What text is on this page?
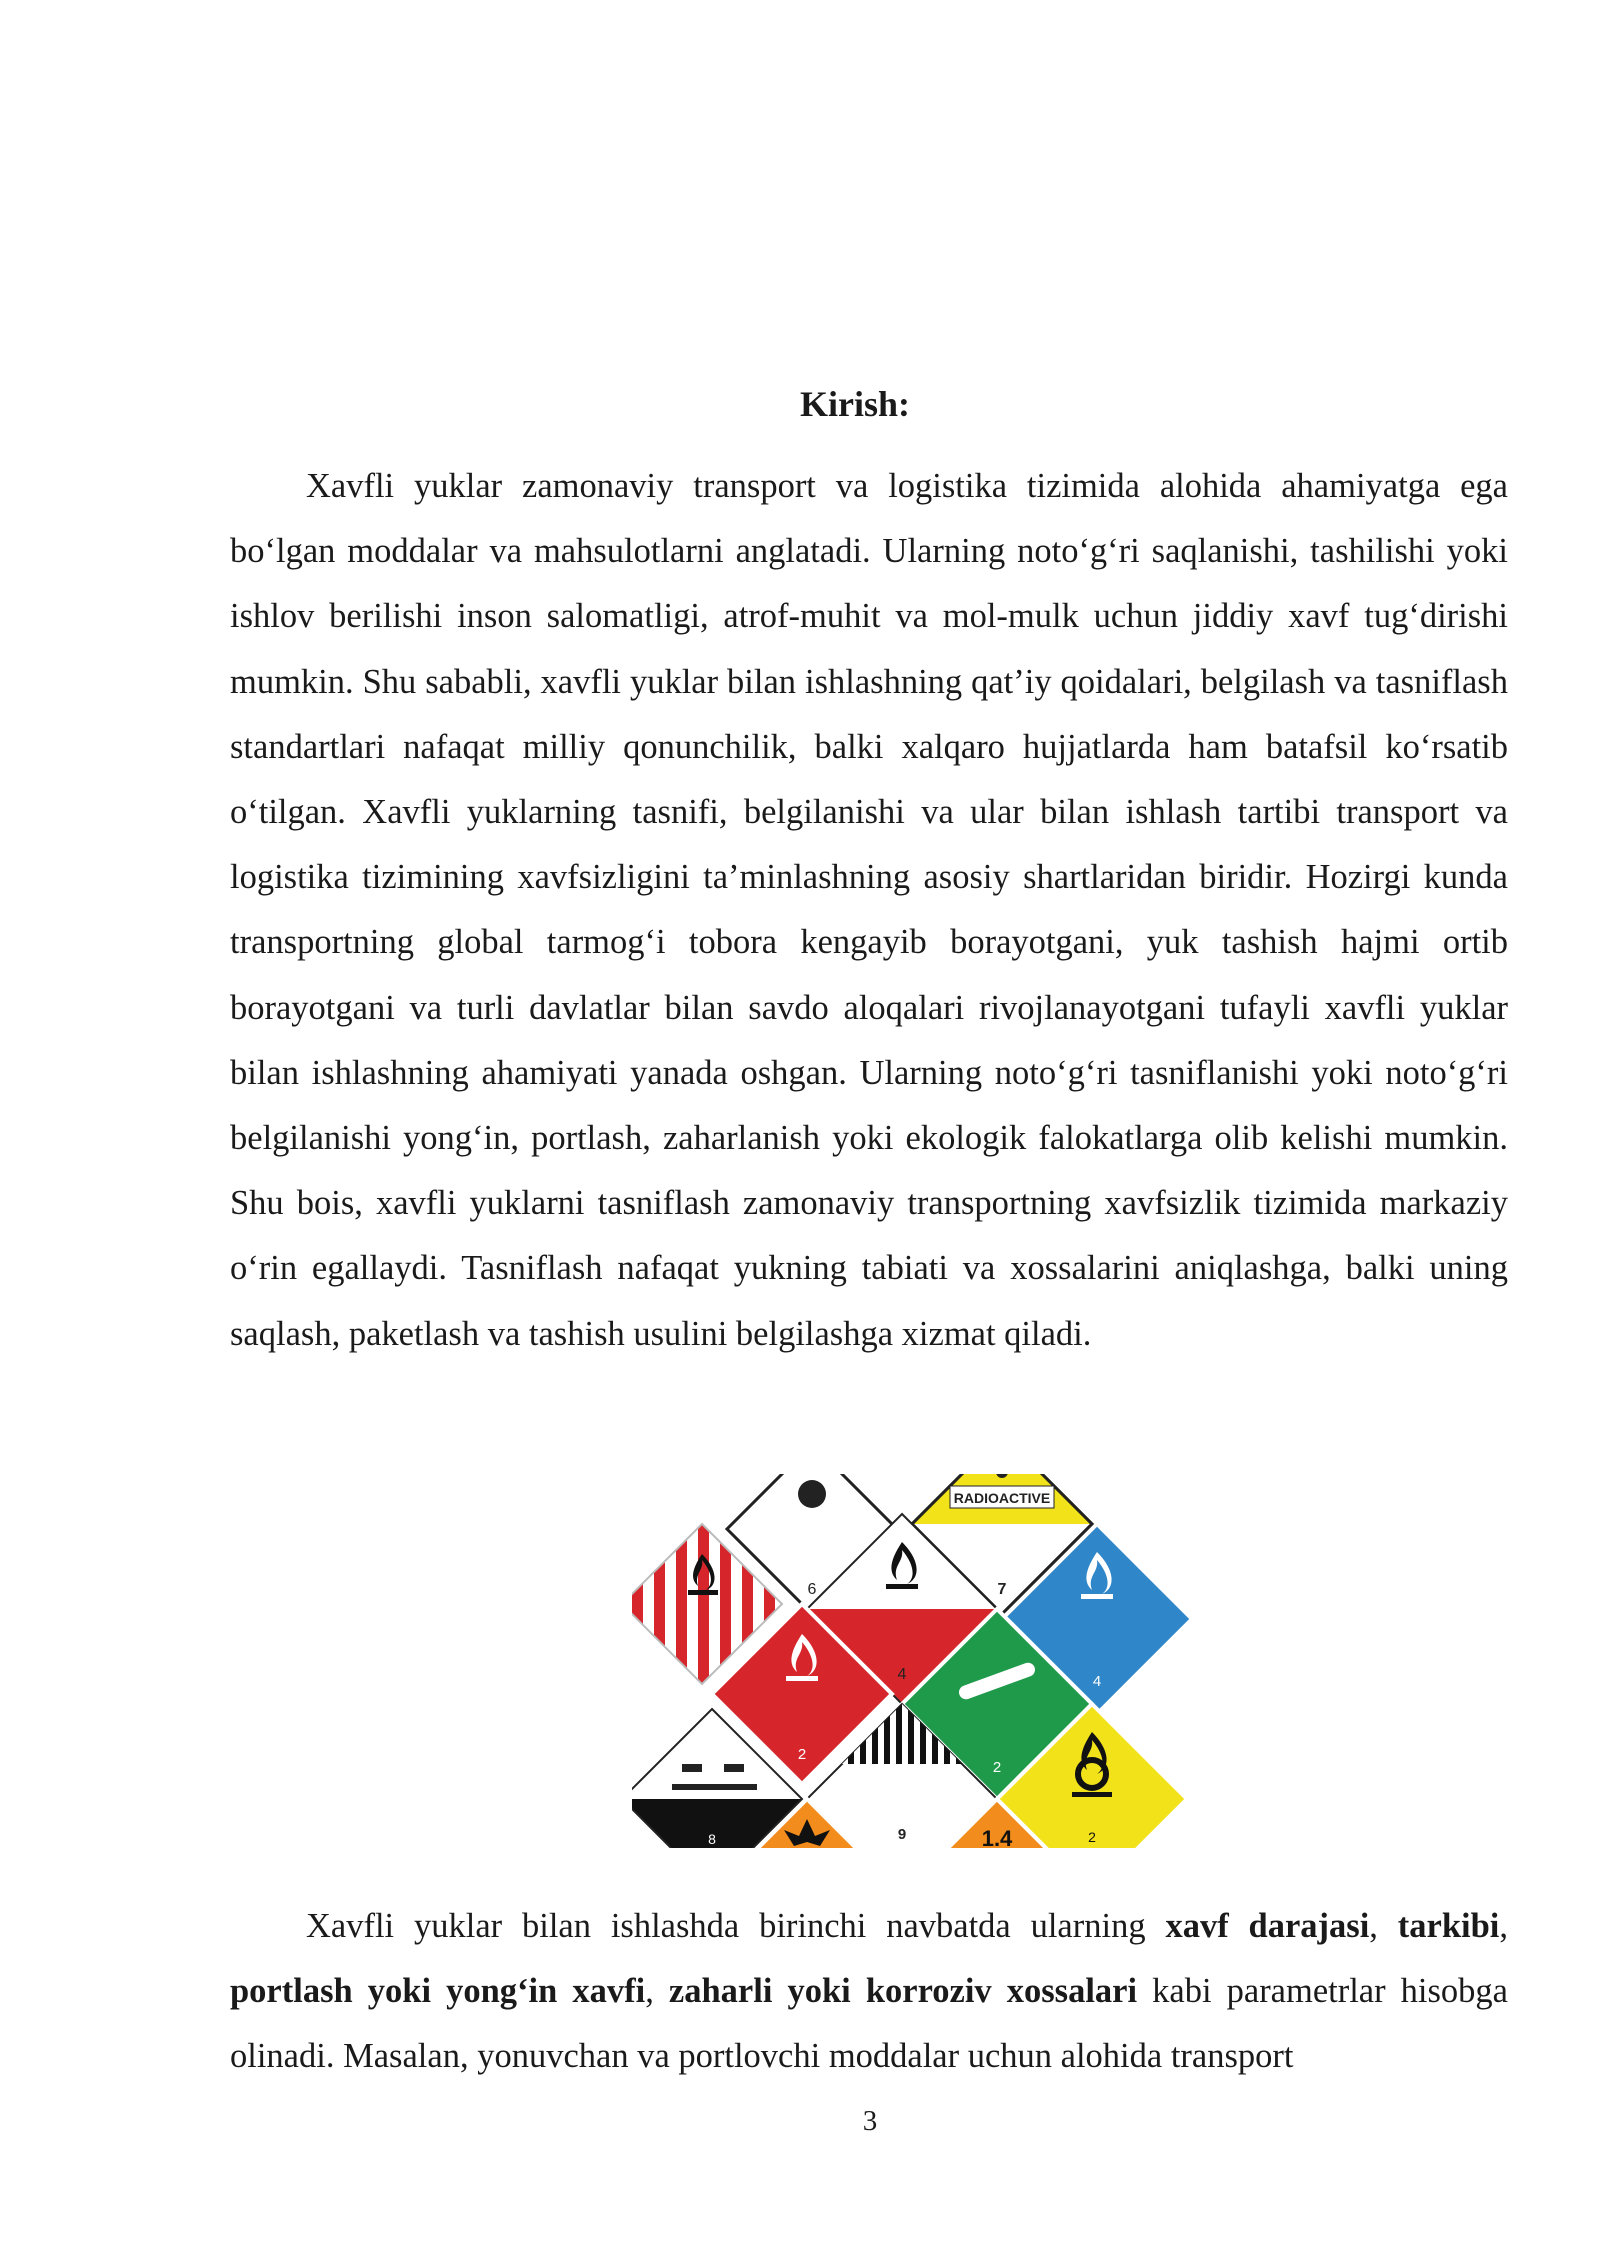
Kirish:

Xavfli yuklar zamonaviy transport va logistika tizimida alohida ahamiyatga ega bo‘lgan moddalar va mahsulotlarni anglatadi. Ularning noto‘g‘ri saqlanishi, tashilishi yoki ishlov berilishi inson salomatligi, atrof-muhit va mol-mulk uchun jiddiy xavf tug‘dirishi mumkin. Shu sababli, xavfli yuklar bilan ishlashning qat’iy qoidalari, belgilash va tasniflash standartlari nafaqat milliy qonunchilik, balki xalqaro hujjatlarda ham batafsil ko‘rsatib o‘tilgan. Xavfli yuklarning tasnifi, belgilanishi va ular bilan ishlash tartibi transport va logistika tizimining xavfsizligini ta’minlashning asosiy shartlaridan biridir. Hozirgi kunda transportning global tarmog‘i tobora kengayib borayotgani, yuk tashish hajmi ortib borayotgani va turli davlatlar bilan savdo aloqalari rivojlanayotgani tufayli xavfli yuklar bilan ishlashning ahamiyati yanada oshgan. Ularning noto‘g‘ri tasniflanishi yoki noto‘g‘ri belgilanishi yong‘in, portlash, zaharlanish yoki ekologik falokatlarga olib kelishi mumkin. Shu bois, xavfli yuklarni tasniflash zamonaviy transportning xavfsizlik tizimida markaziy o‘rin egallaydi. Tasniflash nafaqat yukning tabiati va xossalarini aniqlashga, balki uning saqlash, paketlash va tashish usulini belgilashga xizmat qiladi.

6
RADIOACTIVE
7
4	4
2
2
8	9	1.4	2

Xavfli yuklar bilan ishlashda birinchi navbatda ularning xavf darajasi, tarkibi, portlash yoki yong‘in xavfi, zaharli yoki korroziv xossalari kabi parametrlar hisobga olinadi. Masalan, yonuvchan va portlovchi moddalar uchun alohida transport

3
